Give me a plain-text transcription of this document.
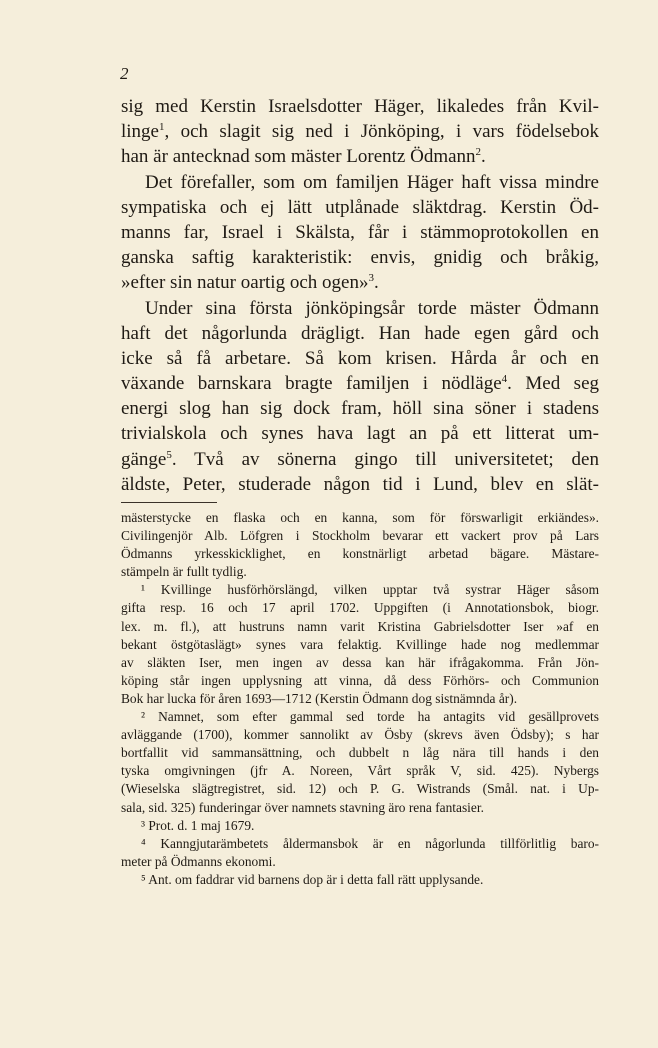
2
sig med Kerstin Israelsdotter Häger, likaledes från Kvil-
linge$^1$, och slagit sig ned i Jönköping, i vars födelsebok
han är antecknad som mäster Lorentz Ödmann$^2$.
Det förefaller, som om familjen Häger haft vissa mindre
sympatiska och ej lätt utplånade släktdrag. Kerstin Öd-
manns far, Israel i Skälsta, får i stämmoprotokollen en
ganska saftig karakteristik: envis, gnidig och bråkig,
»efter sin natur oartig och ogen»$^3$.
Under sina första jönköpingsår torde mäster Ödmann
haft det någorlunda drägligt. Han hade egen gård och
icke så få arbetare. Så kom krisen. Hårda år och en
växande barnskara bragte familjen i nödläge$^4$. Med seg
energi slog han sig dock fram, höll sina söner i stadens
trivialskola och synes hava lagt an på ett litterat um-
gänge$^5$. Två av sönerna gingo till universitetet; den
äldste, Peter, studerade någon tid i Lund, blev en slät-
mästerstycke en flaska och en kanna, som för förswarligit erkiändes».
Civilingenjör Alb. Löfgren i Stockholm bevarar ett vackert prov på Lars
Ödmanns yrkesskicklighet, en konstnärligt arbetad bägare. Mästare-
stämpeln är fullt tydlig.
¹ Kvillinge husförhörslängd, vilken upptar två systrar Häger såsom
gifta resp. 16 och 17 april 1702. Uppgiften (i Annotationsbok, biogr.
lex. m. fl.), att hustruns namn varit Kristina Gabrielsdotter Iser »af en
bekant östgötaslägt» synes vara felaktig. Kvillinge hade nog medlemmar
av släkten Iser, men ingen av dessa kan här ifrågakomma. Från Jön-
köping står ingen upplysning att vinna, då dess Förhörs- och Communion
Bok har lucka för åren 1693—1712 (Kerstin Ödmann dog sistnämnda år).
² Namnet, som efter gammal sed torde ha antagits vid gesällprovets
avläggande (1700), kommer sannolikt av Ösby (skrevs även Ödsby); s har
bortfallit vid sammansättning, och dubbelt n låg nära till hands i den
tyska omgivningen (jfr A. Noreen, Vårt språk V, sid. 425). Nybergs
(Wieselska slägtregistret, sid. 12) och P. G. Wistrands (Smål. nat. i Up-
sala, sid. 325) funderingar över namnets stavning äro rena fantasier.
³ Prot. d. 1 maj 1679.
⁴ Kanngjutarämbetets åldermansbok är en någorlunda tillförlitlig baro-
meter på Ödmanns ekonomi.
⁵ Ant. om faddrar vid barnens dop är i detta fall rätt upplysande.
